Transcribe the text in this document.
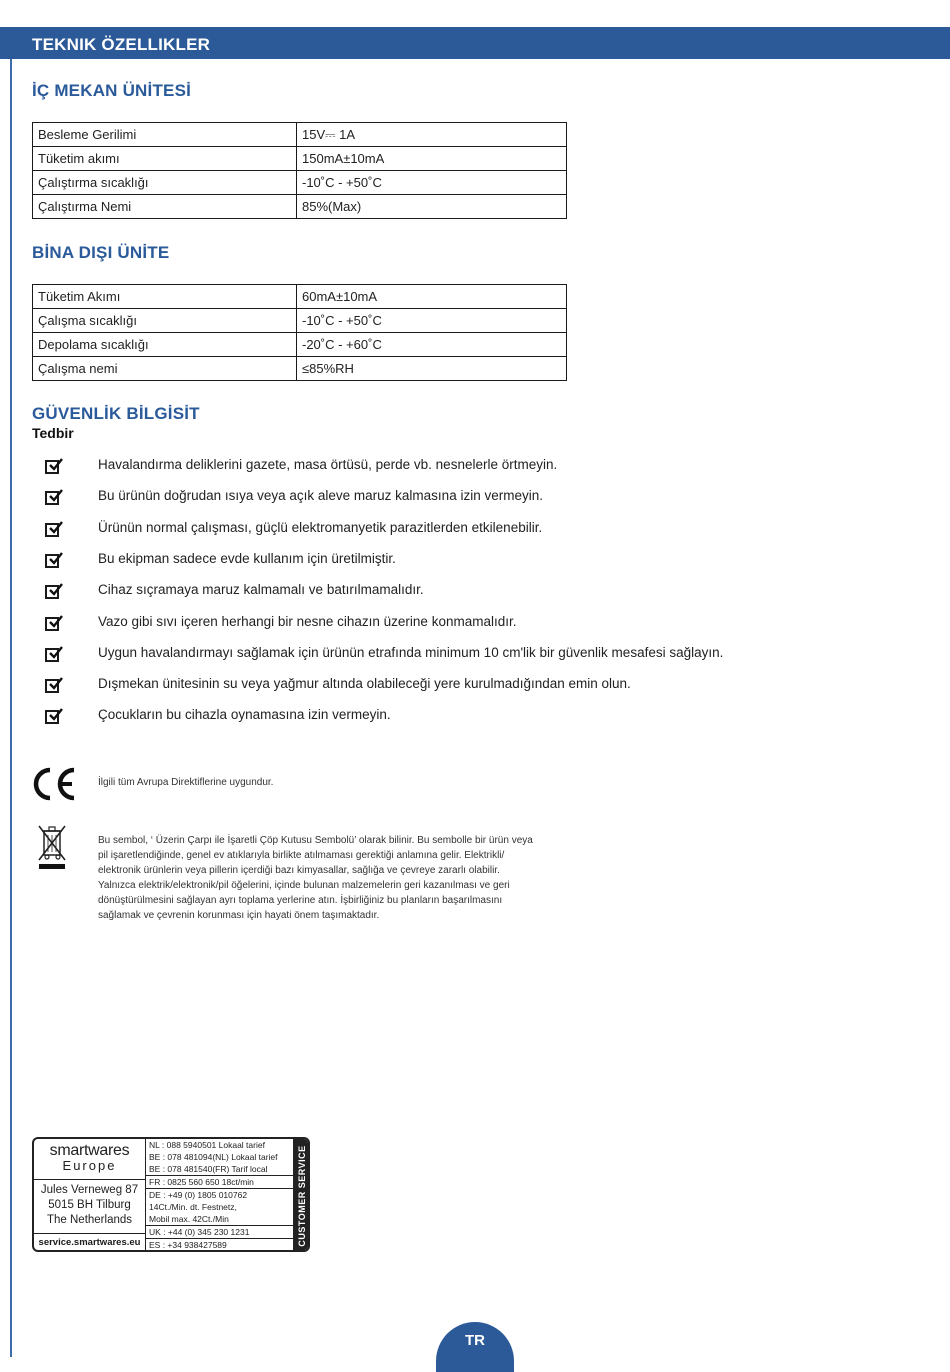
TEKNIK ÖZELLIKLER
İÇ MEKAN ÜNİTESİ
Besleme Gerilimi	15V⎓ 1A
Tüketim akımı	150mA±10mA
Çalıştırma sıcaklığı	-10˚C - +50˚C
Çalıştırma Nemi	85%(Max)
BİNA DIŞI ÜNİTE
Tüketim Akımı	60mA±10mA
Çalışma sıcaklığı	-10˚C - +50˚C
Depolama sıcaklığı	-20˚C - +60˚C
Çalışma nemi	≤85%RH
GÜVENLİK BİLGİSİT
Tedbir
Havalandırma deliklerini gazete, masa örtüsü, perde vb. nesnelerle örtmeyin.
Bu ürünün doğrudan ısıya veya açık aleve maruz kalmasına izin vermeyin.
Ürünün normal çalışması, güçlü elektromanyetik parazitlerden etkilenebilir.
Bu ekipman sadece evde kullanım için üretilmiştir.
Cihaz sıçramaya maruz kalmamalı ve batırılmamalıdır.
Vazo gibi sıvı içeren herhangi bir nesne cihazın üzerine konmamalıdır.
Uygun havalandırmayı sağlamak için ürünün etrafında minimum 10 cm'lik bir güvenlik mesafesi sağlayın.
Dışmekan ünitesinin su veya yağmur altında olabileceği yere kurulmadığından emin olun.
Çocukların bu cihazla oynamasına izin vermeyin.
İlgili tüm Avrupa Direktiflerine uygundur.
Bu sembol, ‘ Üzerin Çarpı ile İşaretli Çöp Kutusu Sembolü’ olarak bilinir. Bu sembolle bir ürün veya
pil işaretlendiğinde, genel ev atıklarıyla birlikte atılmaması gerektiği anlamına gelir. Elektrikli/
elektronik ürünlerin veya pillerin içerdiği bazı kimyasallar, sağlığa ve çevreye zararlı olabilir.
Yalnızca elektrik/elektronik/pil öğelerini, içinde bulunan malzemelerin geri kazanılması ve geri
dönüştürülmesini sağlayan ayrı toplama yerlerine atın. İşbirliğiniz bu planların başarılmasını
sağlamak ve çevrenin korunması için hayati önem taşımaktadır.
smartwares
Europe
Jules Verneweg 87
5015 BH Tilburg
The Netherlands
service.smartwares.eu
NL : 088 5940501 Lokaal tarief
BE : 078 481094(NL) Lokaal tarief
BE : 078 481540(FR) Tarif local
FR : 0825 560 650 18ct/min
DE : +49 (0) 1805 010762
14Ct./Min. dt. Festnetz,
Mobil max. 42Ct./Min
UK : +44 (0) 345 230 1231
ES : +34 938427589	CUSTOMER SERVICE
TR
